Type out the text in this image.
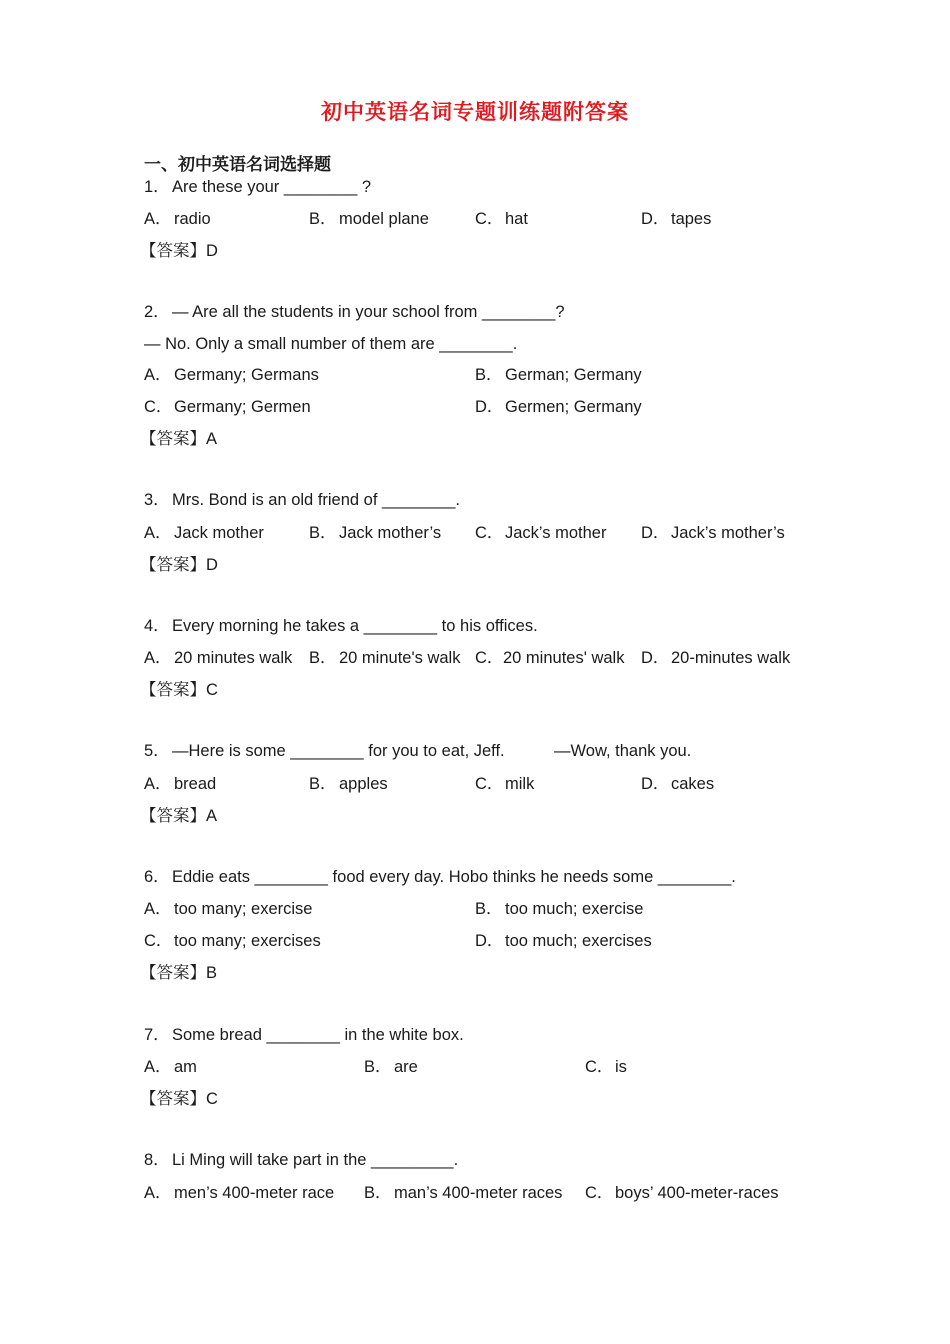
初中英语名词专题训练题附答案
一、初中英语名词选择题
1． Are these your ________ ?
A． radio	B． model plane	C．hat	D．tapes
【答案】D
2． — Are all the students in your school from ________?
— No. Only a small number of them are ________.
A． Germany; Germans	B． German; Germany
C．Germany; Germen	D．Germen; Germany
【答案】A
3． Mrs. Bond is an old friend of ________.
A． Jack mother	B． Jack mother’s C．Jack’s mother D．Jack’s mother’s
【答案】D
4． Every morning he takes a ________ to his offices.
A． 20 minutes walk B． 20 minute's walk C．20 minutes' walk D．20-minutes walk
【答案】C
5． —Here is some ________ for you to eat, Jeff.	—Wow, thank you.
A． bread	B． apples	C．milk	D．cakes
【答案】A
6． Eddie eats ________ food every day. Hobo thinks he needs some ________.
A． too many; exercise	B． too much; exercise
C．too many; exercises	D．too much; exercises
【答案】B
7． Some bread ________ in the white box.
A． am	B． are	C．is
【答案】C
8． Li Ming will take part in the _________.
A． men’s 400-meter race B． man’s 400-meter races C．boys’ 400-meter-races
